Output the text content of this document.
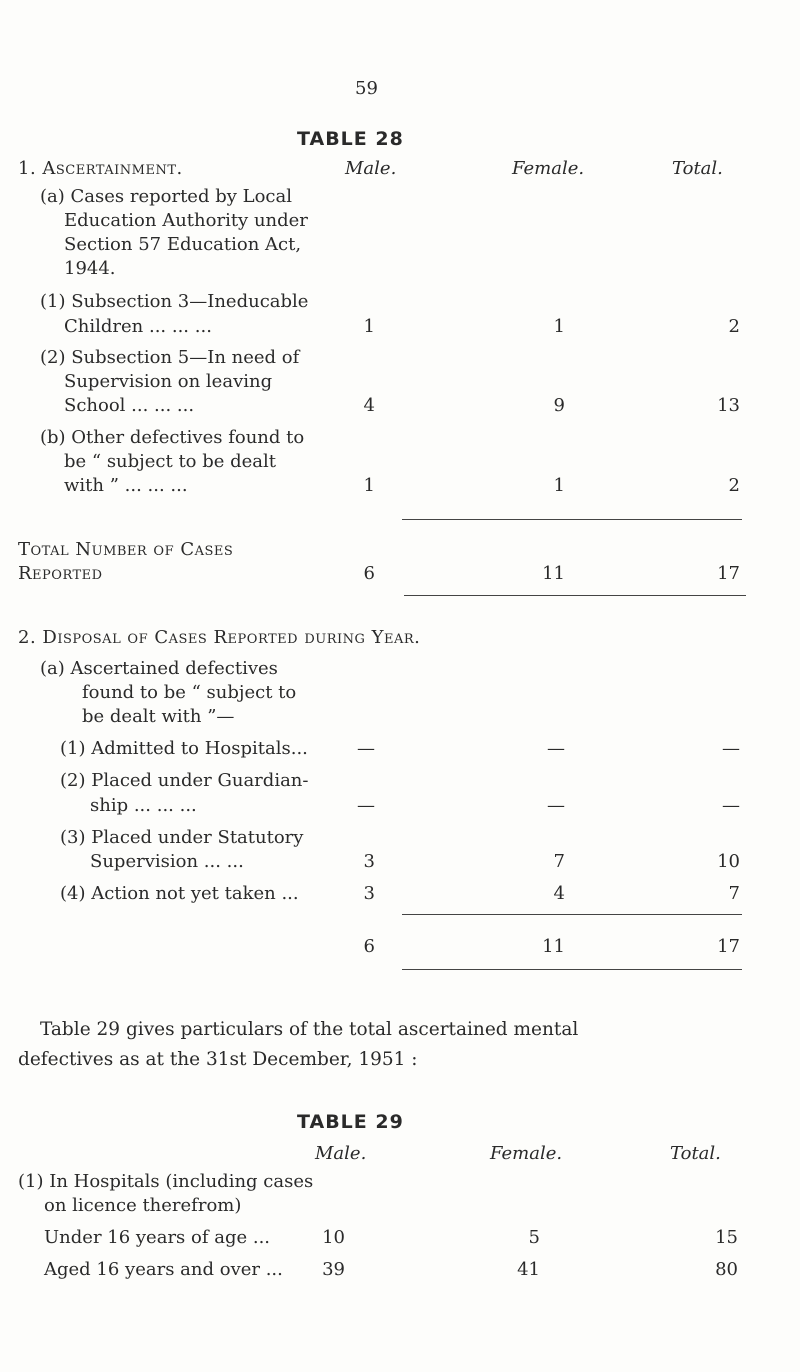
59
TABLE 28
1. Ascertainment.	Male.	Female.	Total.
(a) Cases reported by Local
Education Authority under
Section 57 Education Act,
1944.
(1) Subsection 3—Ineducable
Children ... ... ...	1	1	2
(2) Subsection 5—In need of
Supervision on leaving
School ... ... ...	4	9	13
(b) Other defectives found to
be “ subject to be dealt
with ” ... ... ...	1	1	2
Total Number of Cases
Reported	6	11	17
2. Disposal of Cases Reported during Year.
(a) Ascertained defectives
found to be “ subject to
be dealt with ”—
(1) Admitted to Hospitals...	—	—	—
(2) Placed under Guardian-
ship ... ... ...	—	—	—
(3) Placed under Statutory
Supervision ... ...	3	7	10
(4) Action not yet taken ...	3	4	7
6	11	17
Table 29 gives particulars of the total ascertained mental
defectives as at the 31st December, 1951 :
TABLE 29
Male.	Female.	Total.
(1) In Hospitals (including cases
on licence therefrom)
Under 16 years of age ...	10	5	15
Aged 16 years and over ...	39	41	80
